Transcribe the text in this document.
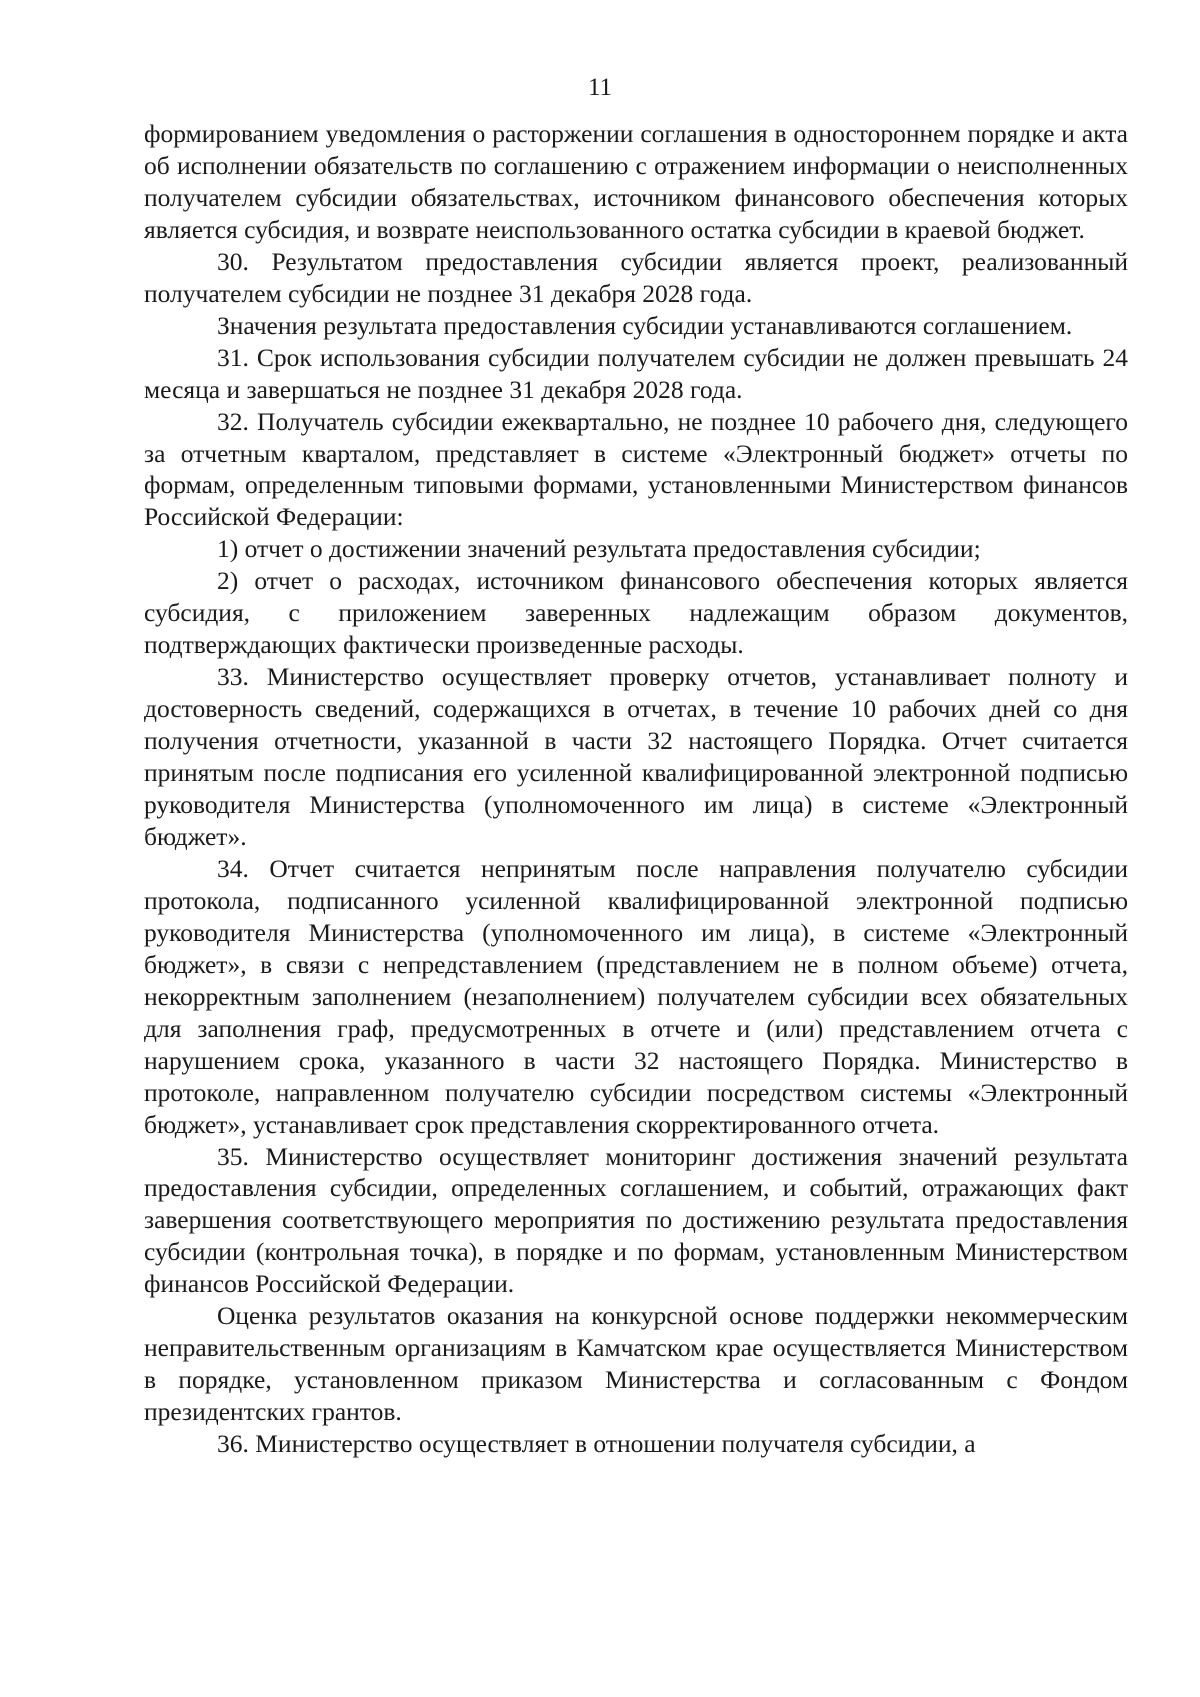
11

формированием уведомления о расторжении соглашения в одностороннем порядке и акта об исполнении обязательств по соглашению с отражением информации о неисполненных получателем субсидии обязательствах, источником финансового обеспечения которых является субсидия, и возврате неиспользованного остатка субсидии в краевой бюджет.

30. Результатом предоставления субсидии является проект, реализованный получателем субсидии не позднее 31 декабря 2028 года.

Значения результата предоставления субсидии устанавливаются соглашением.

31. Срок использования субсидии получателем субсидии не должен превышать 24 месяца и завершаться не позднее 31 декабря 2028 года.

32. Получатель субсидии ежеквартально, не позднее 10 рабочего дня, следующего за отчетным кварталом, представляет в системе «Электронный бюджет» отчеты по формам, определенным типовыми формами, установленными Министерством финансов Российской Федерации:

1) отчет о достижении значений результата предоставления субсидии;

2) отчет о расходах, источником финансового обеспечения которых является субсидия, с приложением заверенных надлежащим образом документов, подтверждающих фактически произведенные расходы.

33. Министерство осуществляет проверку отчетов, устанавливает полноту и достоверность сведений, содержащихся в отчетах, в течение 10 рабочих дней со дня получения отчетности, указанной в части 32 настоящего Порядка. Отчет считается принятым после подписания его усиленной квалифицированной электронной подписью руководителя Министерства (уполномоченного им лица) в системе «Электронный бюджет».

34. Отчет считается непринятым после направления получателю субсидии протокола, подписанного усиленной квалифицированной электронной подписью руководителя Министерства (уполномоченного им лица), в системе «Электронный бюджет», в связи с непредставлением (представлением не в полном объеме) отчета, некорректным заполнением (незаполнением) получателем субсидии всех обязательных для заполнения граф, предусмотренных в отчете и (или) представлением отчета с нарушением срока, указанного в части 32 настоящего Порядка. Министерство в протоколе, направленном получателю субсидии посредством системы «Электронный бюджет», устанавливает срок представления скорректированного отчета.

35. Министерство осуществляет мониторинг достижения значений результата предоставления субсидии, определенных соглашением, и событий, отражающих факт завершения соответствующего мероприятия по достижению результата предоставления субсидии (контрольная точка), в порядке и по формам, установленным Министерством финансов Российской Федерации.

Оценка результатов оказания на конкурсной основе поддержки некоммерческим неправительственным организациям в Камчатском крае осуществляется Министерством в порядке, установленном приказом Министерства и согласованным с Фондом президентских грантов.

36. Министерство осуществляет в отношении получателя субсидии, а
